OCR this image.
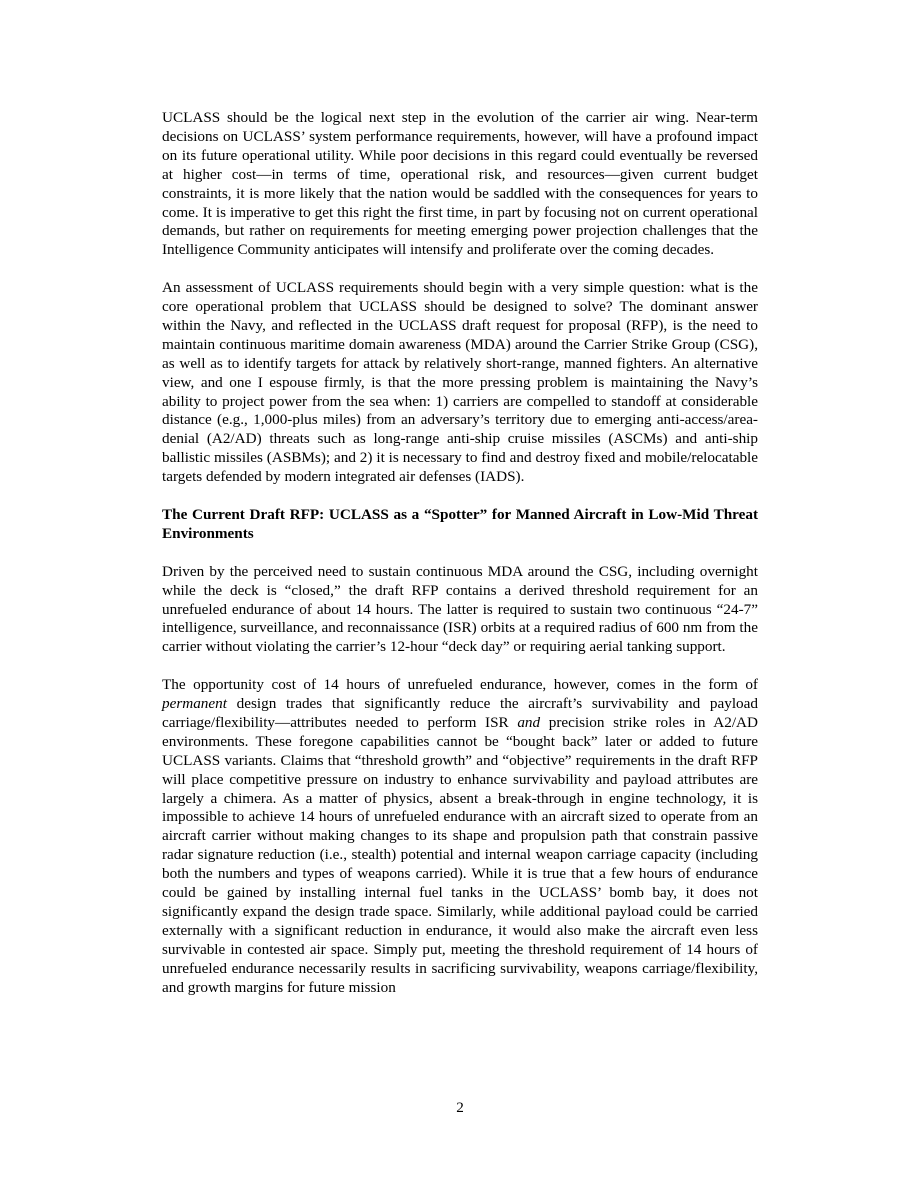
UCLASS should be the logical next step in the evolution of the carrier air wing. Near-term decisions on UCLASS’ system performance requirements, however, will have a profound impact on its future operational utility. While poor decisions in this regard could eventually be reversed at higher cost—in terms of time, operational risk, and resources—given current budget constraints, it is more likely that the nation would be saddled with the consequences for years to come. It is imperative to get this right the first time, in part by focusing not on current operational demands, but rather on requirements for meeting emerging power projection challenges that the Intelligence Community anticipates will intensify and proliferate over the coming decades.

An assessment of UCLASS requirements should begin with a very simple question: what is the core operational problem that UCLASS should be designed to solve? The dominant answer within the Navy, and reflected in the UCLASS draft request for proposal (RFP), is the need to maintain continuous maritime domain awareness (MDA) around the Carrier Strike Group (CSG), as well as to identify targets for attack by relatively short-range, manned fighters. An alternative view, and one I espouse firmly, is that the more pressing problem is maintaining the Navy’s ability to project power from the sea when: 1) carriers are compelled to standoff at considerable distance (e.g., 1,000-plus miles) from an adversary’s territory due to emerging anti-access/area-denial (A2/AD) threats such as long-range anti-ship cruise missiles (ASCMs) and anti-ship ballistic missiles (ASBMs); and 2) it is necessary to find and destroy fixed and mobile/relocatable targets defended by modern integrated air defenses (IADS).

The Current Draft RFP: UCLASS as a “Spotter” for Manned Aircraft in Low-Mid Threat Environments

Driven by the perceived need to sustain continuous MDA around the CSG, including overnight while the deck is “closed,” the draft RFP contains a derived threshold requirement for an unrefueled endurance of about 14 hours. The latter is required to sustain two continuous “24-7” intelligence, surveillance, and reconnaissance (ISR) orbits at a required radius of 600 nm from the carrier without violating the carrier’s 12-hour “deck day” or requiring aerial tanking support.

The opportunity cost of 14 hours of unrefueled endurance, however, comes in the form of permanent design trades that significantly reduce the aircraft’s survivability and payload carriage/flexibility—attributes needed to perform ISR and precision strike roles in A2/AD environments. These foregone capabilities cannot be “bought back” later or added to future UCLASS variants. Claims that “threshold growth” and “objective” requirements in the draft RFP will place competitive pressure on industry to enhance survivability and payload attributes are largely a chimera. As a matter of physics, absent a break-through in engine technology, it is impossible to achieve 14 hours of unrefueled endurance with an aircraft sized to operate from an aircraft carrier without making changes to its shape and propulsion path that constrain passive radar signature reduction (i.e., stealth) potential and internal weapon carriage capacity (including both the numbers and types of weapons carried). While it is true that a few hours of endurance could be gained by installing internal fuel tanks in the UCLASS’ bomb bay, it does not significantly expand the design trade space. Similarly, while additional payload could be carried externally with a significant reduction in endurance, it would also make the aircraft even less survivable in contested air space. Simply put, meeting the threshold requirement of 14 hours of unrefueled endurance necessarily results in sacrificing survivability, weapons carriage/flexibility, and growth margins for future mission

2
